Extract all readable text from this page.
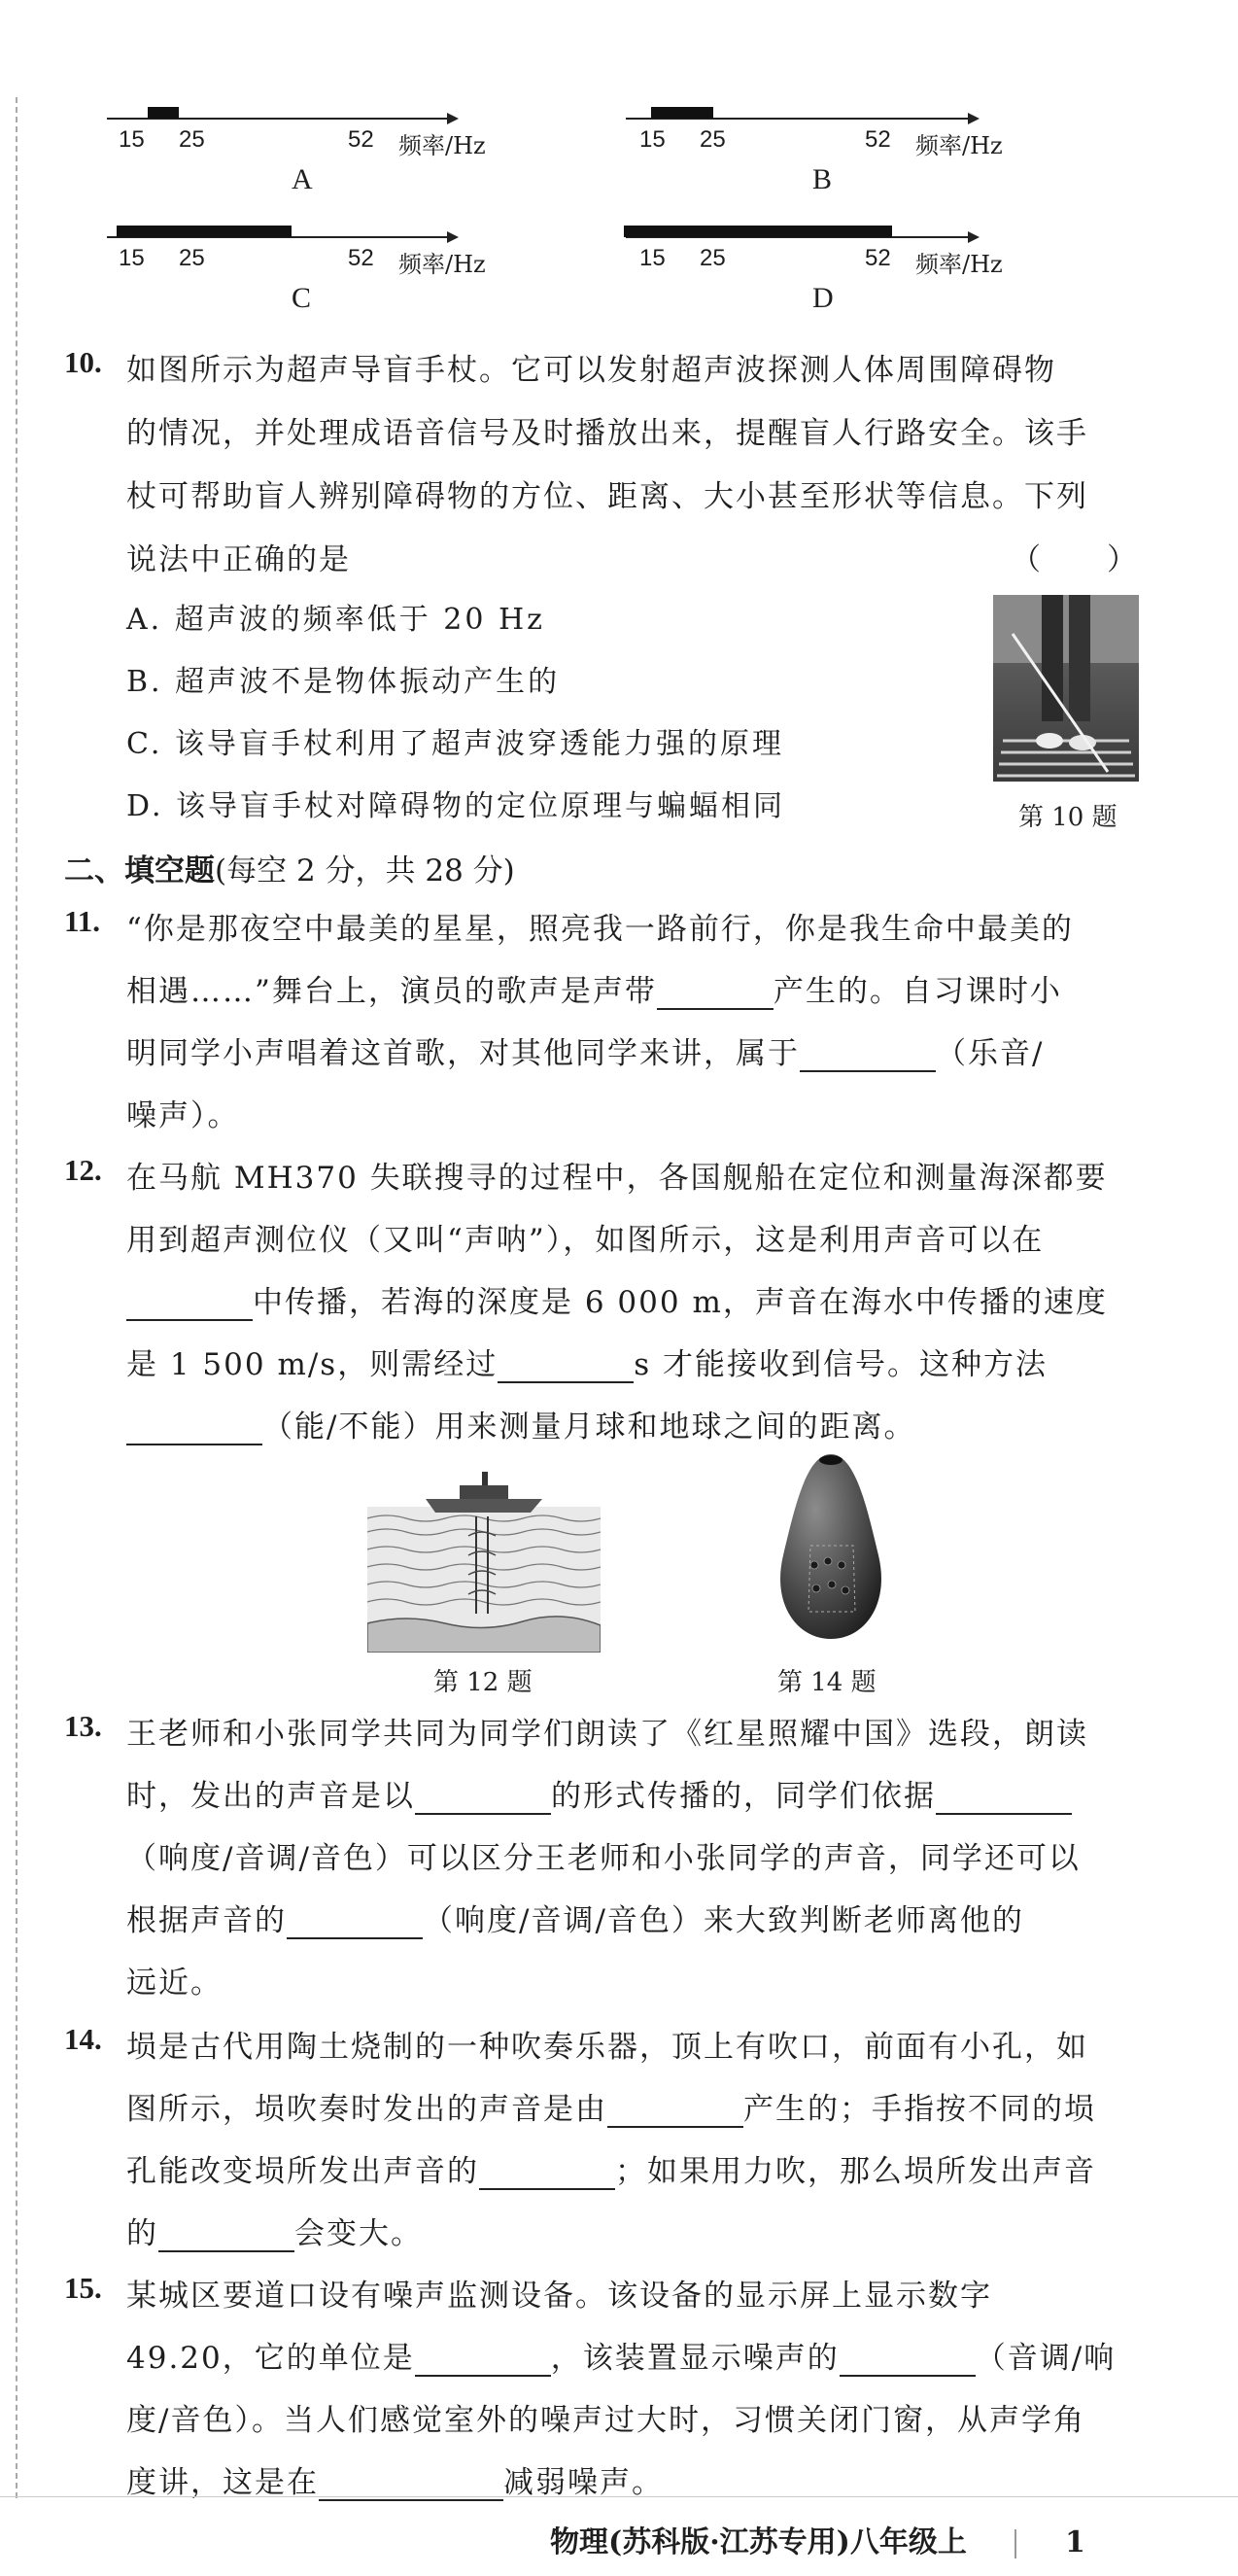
15 25	52 频率/Hz
A
15 25	52 频率/Hz
B
15 25	52 频率/Hz
C
15 25	52 频率/Hz
D
10. 如图所示为超声导盲手杖。它可以发射超声波探测人体周围障碍物
的情况，并处理成语音信号及时播放出来，提醒盲人行路安全。该手
杖可帮助盲人辨别障碍物的方位、距离、大小甚至形状等信息。下列
说法中正确的是	（　　）
A. 超声波的频率低于 20 Hz
B. 超声波不是物体振动产生的
C. 该导盲手杖利用了超声波穿透能力强的原理
D. 该导盲手杖对障碍物的定位原理与蝙蝠相同	第 10 题
二、填空题(每空 2 分，共 28 分)
11. “你是那夜空中最美的星星，照亮我一路前行，你是我生命中最美的
相遇……”舞台上，演员的歌声是声带	产生的。自习课时小
明同学小声唱着这首歌，对其他同学来讲，属于	（乐音/
噪声）。
12. 在马航 MH370 失联搜寻的过程中，各国舰船在定位和测量海深都要
用到超声测位仪（又叫“声呐”），如图所示，这是利用声音可以在
中传播，若海的深度是 6 000 m，声音在海水中传播的速度
是 1 500 m/s，则需经过	s 才能接收到信号。这种方法
（能/不能）用来测量月球和地球之间的距离。
第 12 题	第 14 题
13. 王老师和小张同学共同为同学们朗读了《红星照耀中国》选段，朗读
时，发出的声音是以	的形式传播的，同学们依据
（响度/音调/音色）可以区分王老师和小张同学的声音，同学还可以
根据声音的	（响度/音调/音色）来大致判断老师离他的
远近。
14. 埙是古代用陶土烧制的一种吹奏乐器，顶上有吹口，前面有小孔，如
图所示，埙吹奏时发出的声音是由	产生的；手指按不同的埙
孔能改变埙所发出声音的	；如果用力吹，那么埙所发出声音
的	会变大。
15. 某城区要道口设有噪声监测设备。该设备的显示屏上显示数字
49.20，它的单位是	，该装置显示噪声的	（音调/响
度/音色）。当人们感觉室外的噪声过大时，习惯关闭门窗，从声学角
度讲，这是在	减弱噪声。
物理(苏科版·江苏专用)八年级上	1
